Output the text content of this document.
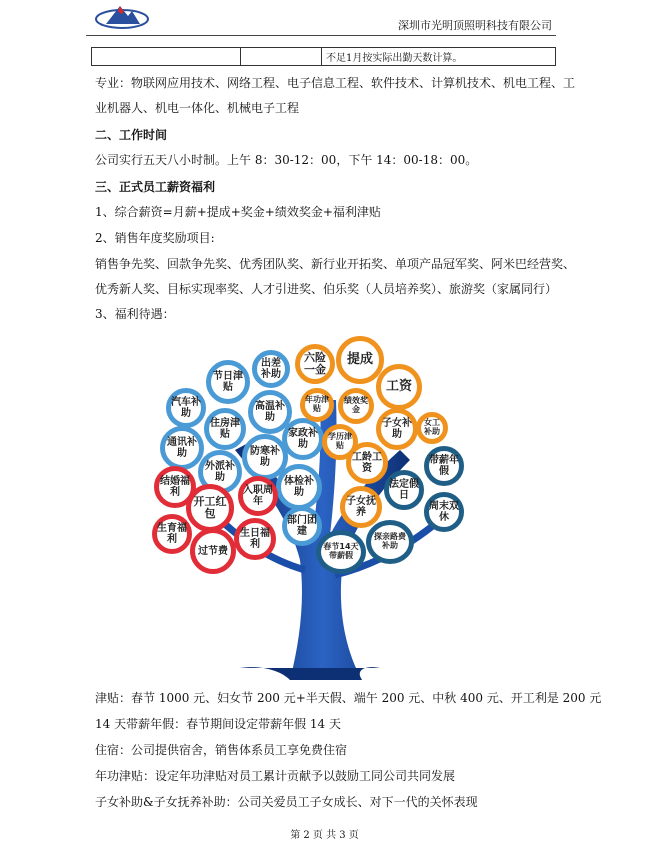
深圳市光明顶照明科技有限公司
		不足1月按实际出勤天数计算。
专业：物联网应用技术、网络工程、电子信息工程、软件技术、计算机技术、机电工程、工
业机器人、机电一体化、机械电子工程
二、工作时间
公司实行五天八小时制。上午 8：30-12：00，下午 14：00-18：00。
三、正式员工薪资福利
1、综合薪资=月薪+提成+奖金+绩效奖金+福利津贴
2、销售年度奖励项目:
销售争先奖、回款争先奖、优秀团队奖、新行业开拓奖、单项产品冠军奖、阿米巴经营奖、
优秀新人奖、目标实现率奖、人才引进奖、伯乐奖（人员培养奖）、旅游奖（家属同行）
3、福利待遇：
出差补助
节日津贴
汽车补助
高温补助
住房津贴
通讯补助	防寒补助
外派补助
家政补助
体检补助
部门团建
六险一金
提成
工资
年功津贴
绩效奖金
子女补助
女工补助
学历津贴
工龄工资
子女抚养
带薪年假
法定假日
周末双休
探亲路费补助
春节14天带薪假
结婚福利
开工红包
入职周年
生育福利
过节费
生日福利
津贴：春节 1000 元、妇女节 200 元+半天假、端午 200 元、中秋 400 元、开工利是 200 元
14 天带薪年假：春节期间设定带薪年假 14 天
住宿：公司提供宿舍，销售体系员工享免费住宿
年功津贴：设定年功津贴对员工累计贡献予以鼓励工同公司共同发展
子女补助&子女抚养补助：公司关爱员工子女成长、对下一代的关怀表现
第 2 页 共 3 页
